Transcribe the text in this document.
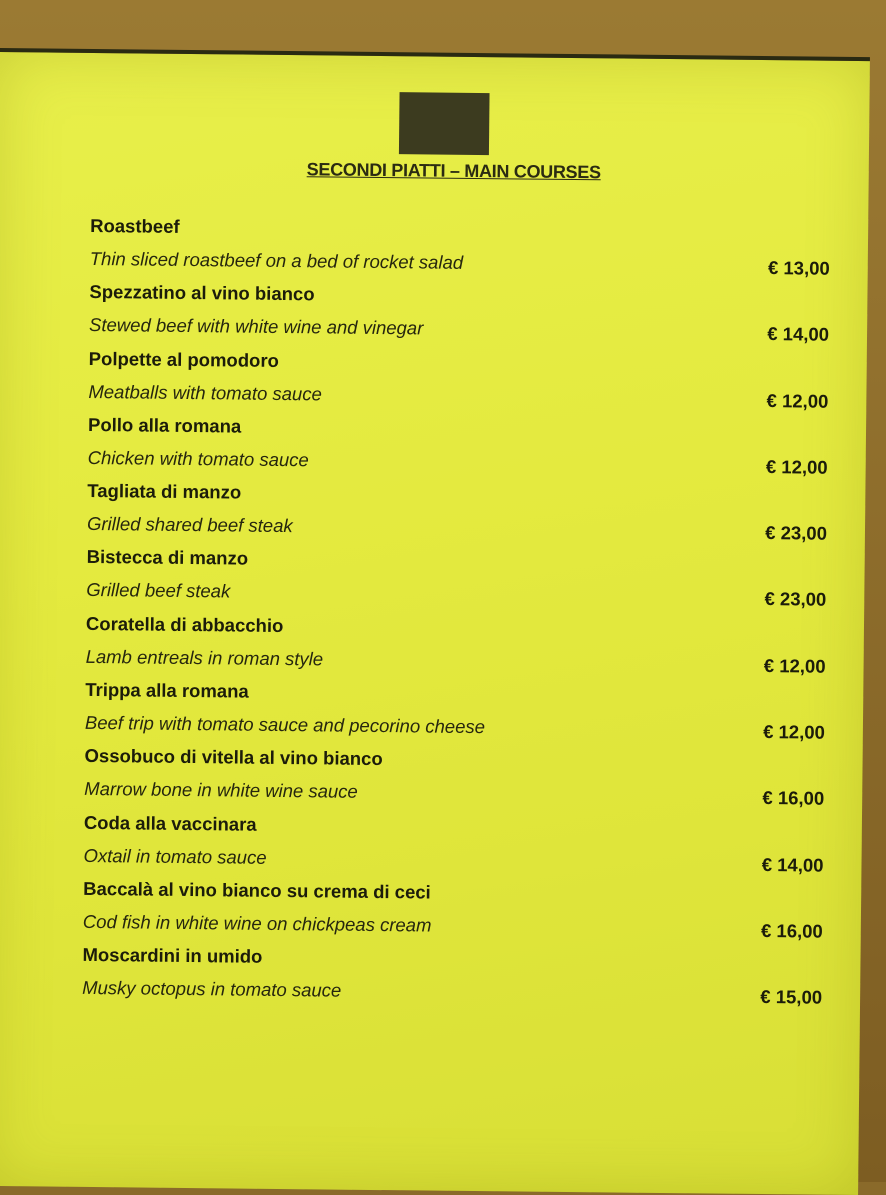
SECONDI PIATTI – MAIN COURSES
Roastbeef
Thin sliced roastbeef on a bed of rocket salad	€ 13,00
Spezzatino al vino bianco
Stewed beef with white wine and vinegar	€ 14,00
Polpette al pomodoro
Meatballs with tomato sauce	€ 12,00
Pollo alla romana
Chicken with tomato sauce	€ 12,00
Tagliata di manzo
Grilled shared beef steak	€ 23,00
Bistecca di manzo
Grilled beef steak	€ 23,00
Coratella di abbacchio
Lamb entreals in roman style	€ 12,00
Trippa alla romana
Beef trip with tomato sauce and pecorino cheese	€ 12,00
Ossobuco di vitella al vino bianco
Marrow bone in white wine sauce	€ 16,00
Coda alla vaccinara
Oxtail in tomato sauce	€ 14,00
Baccalà al vino bianco su crema di ceci
Cod fish in white wine on chickpeas cream	€ 16,00
Moscardini in umido
Musky octopus in tomato sauce	€ 15,00
